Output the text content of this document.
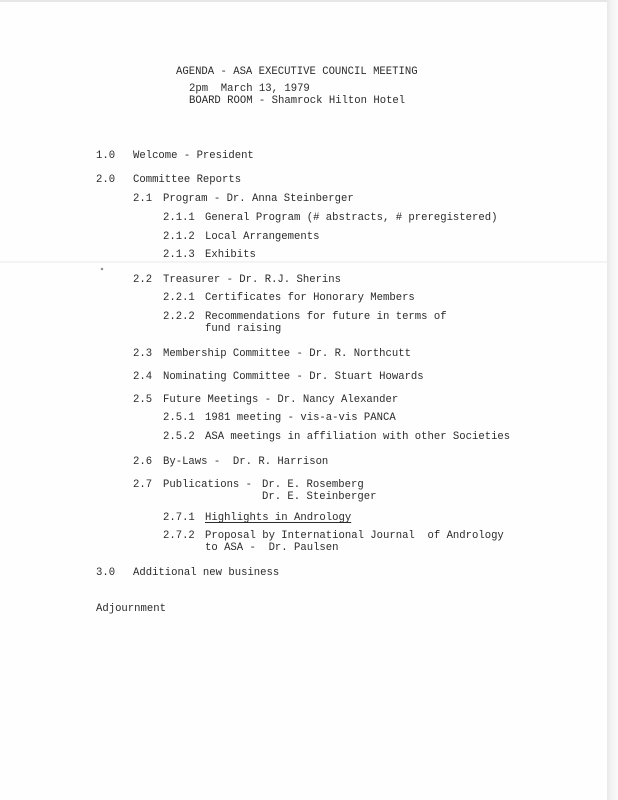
AGENDA - ASA EXECUTIVE COUNCIL MEETING
2pm  March 13, 1979
BOARD ROOM - Shamrock Hilton Hotel
1.0 Welcome - President
2.0 Committee Reports
2.1 Program - Dr. Anna Steinberger
2.1.1 General Program (# abstracts, # preregistered)
2.1.2 Local Arrangements
2.1.3 Exhibits
2.2 Treasurer - Dr. R.J. Sherins
2.2.1 Certificates for Honorary Members
2.2.2 Recommendations for future in terms of
fund raising
2.3 Membership Committee - Dr. R. Northcutt
2.4 Nominating Committee - Dr. Stuart Howards
2.5 Future Meetings - Dr. Nancy Alexander
2.5.1 1981 meeting - vis-a-vis PANCA
2.5.2 ASA meetings in affiliation with other Societies
2.6 By-Laws -  Dr. R. Harrison
2.7 Publications - Dr. E. Rosemberg
Dr. E. Steinberger
2.7.1 Highlights in Andrology
2.7.2 Proposal by International Journal  of Andrology
to ASA -  Dr. Paulsen
3.0 Additional new business
Adjournment
